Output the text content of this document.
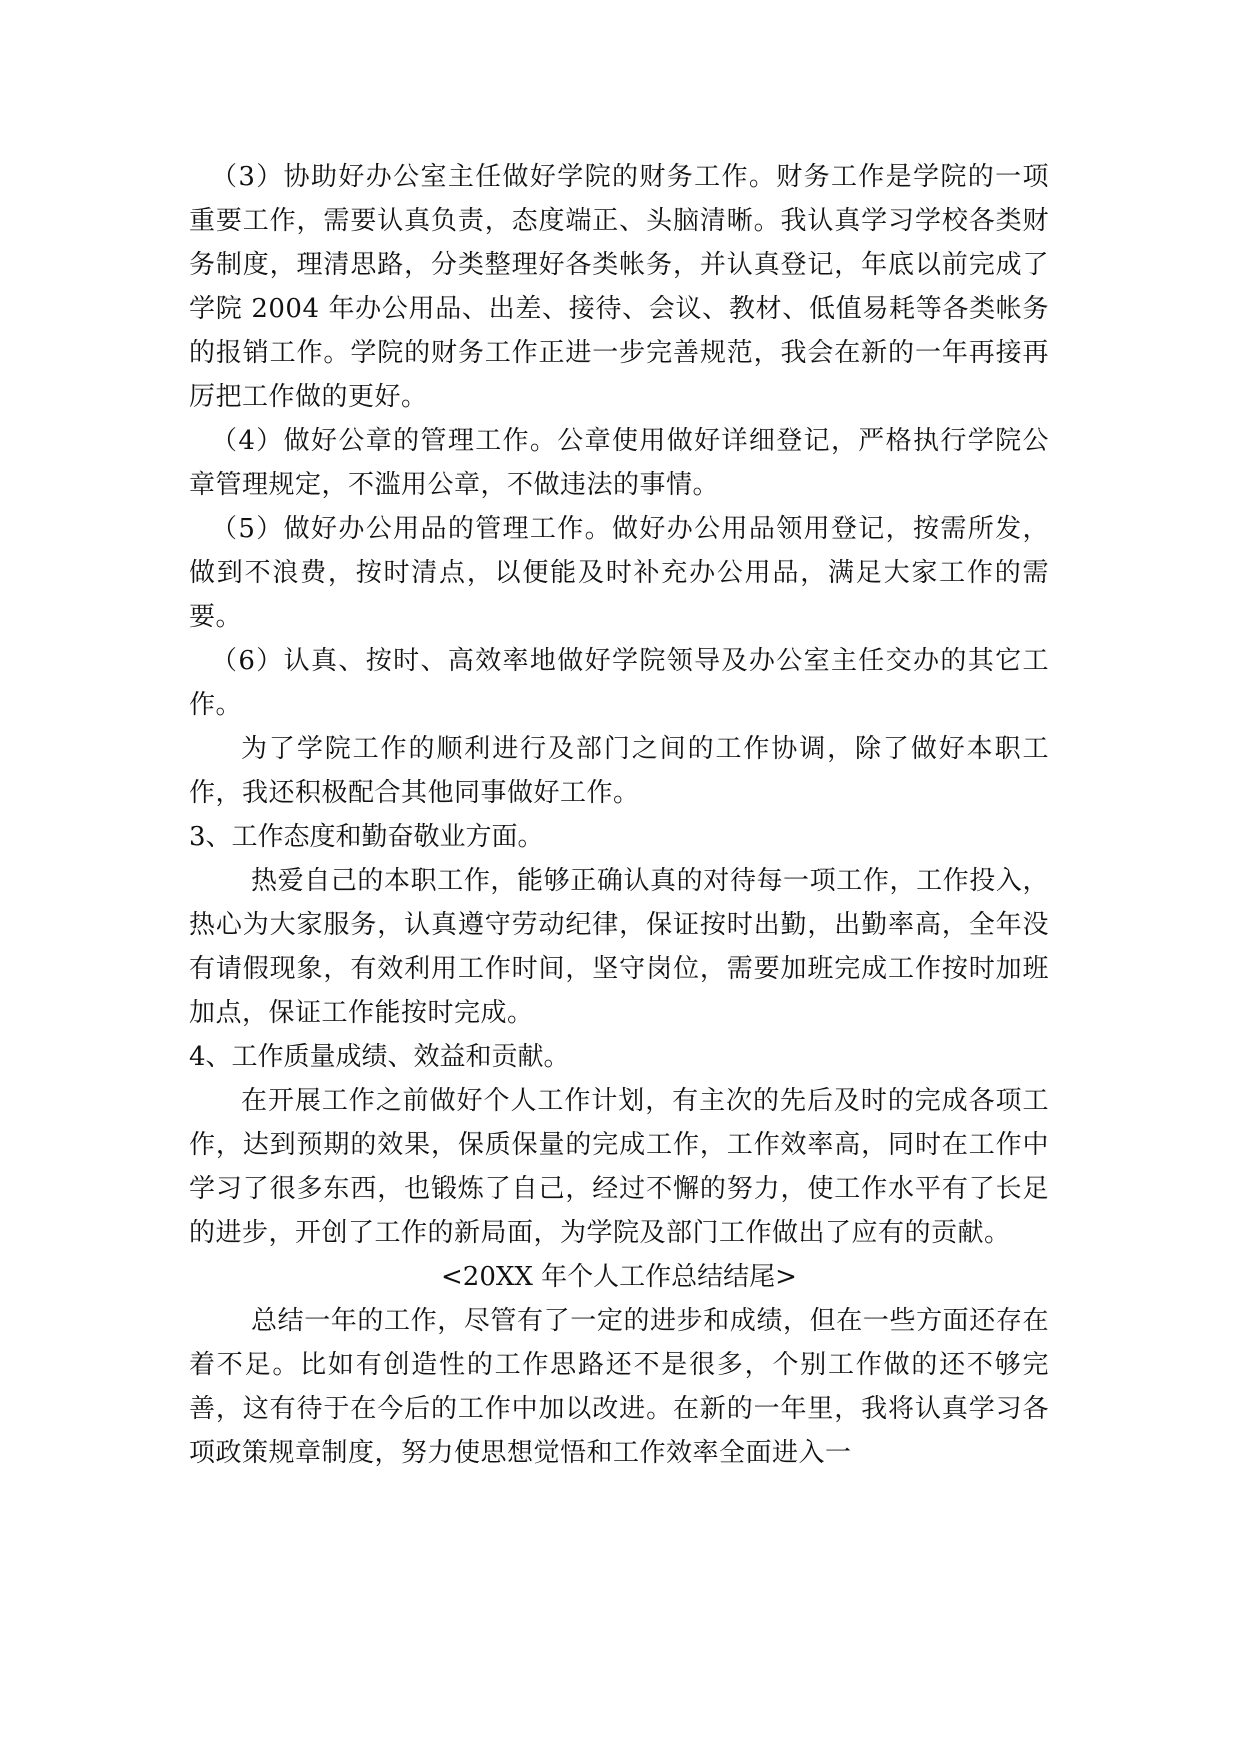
（3）协助好办公室主任做好学院的财务工作。财务工作是学院的一项重要工作，需要认真负责，态度端正、头脑清晰。我认真学习学校各类财务制度，理清思路，分类整理好各类帐务，并认真登记，年底以前完成了学院 2004 年办公用品、出差、接待、会议、教材、低值易耗等各类帐务的报销工作。学院的财务工作正进一步完善规范，我会在新的一年再接再厉把工作做的更好。

（4）做好公章的管理工作。公章使用做好详细登记，严格执行学院公章管理规定，不滥用公章，不做违法的事情。

（5）做好办公用品的管理工作。做好办公用品领用登记，按需所发，做到不浪费，按时清点，以便能及时补充办公用品，满足大家工作的需要。

（6）认真、按时、高效率地做好学院领导及办公室主任交办的其它工作。

为了学院工作的顺利进行及部门之间的工作协调，除了做好本职工作，我还积极配合其他同事做好工作。

3、工作态度和勤奋敬业方面。

热爱自己的本职工作，能够正确认真的对待每一项工作，工作投入，热心为大家服务，认真遵守劳动纪律，保证按时出勤，出勤率高，全年没有请假现象，有效利用工作时间，坚守岗位，需要加班完成工作按时加班加点，保证工作能按时完成。

4、工作质量成绩、效益和贡献。

在开展工作之前做好个人工作计划，有主次的先后及时的完成各项工作，达到预期的效果，保质保量的完成工作，工作效率高，同时在工作中学习了很多东西，也锻炼了自己，经过不懈的努力，使工作水平有了长足的进步，开创了工作的新局面，为学院及部门工作做出了应有的贡献。

<20XX 年个人工作总结结尾>

总结一年的工作，尽管有了一定的进步和成绩，但在一些方面还存在着不足。比如有创造性的工作思路还不是很多，个别工作做的还不够完善，这有待于在今后的工作中加以改进。在新的一年里，我将认真学习各项政策规章制度，努力使思想觉悟和工作效率全面进入一
